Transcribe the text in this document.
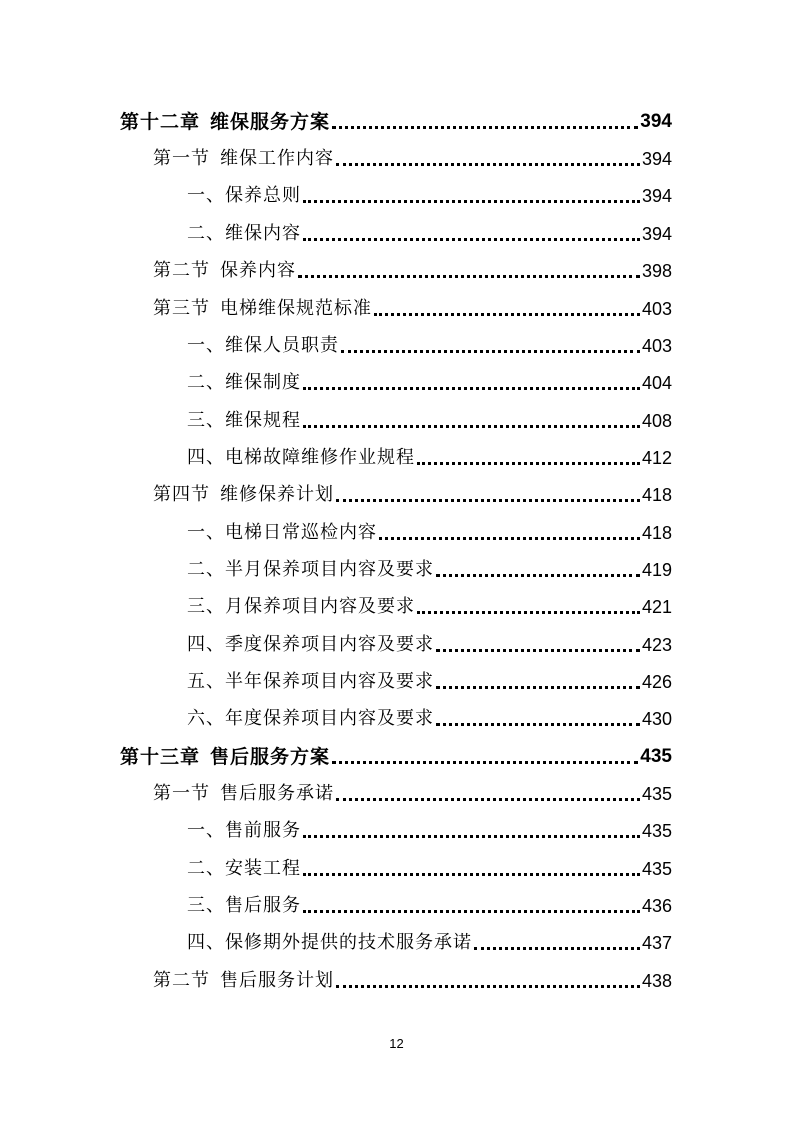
第十二章 维保服务方案	394
第一节 维保工作内容	394
一、保养总则	394
二、维保内容	394
第二节 保养内容	398
第三节 电梯维保规范标准	403
一、维保人员职责	403
二、维保制度	404
三、维保规程	408
四、电梯故障维修作业规程	412
第四节 维修保养计划	418
一、电梯日常巡检内容	418
二、半月保养项目内容及要求	419
三、月保养项目内容及要求	421
四、季度保养项目内容及要求	423
五、半年保养项目内容及要求	426
六、年度保养项目内容及要求	430
第十三章 售后服务方案	435
第一节 售后服务承诺	435
一、售前服务	435
二、安装工程	435
三、售后服务	436
四、保修期外提供的技术服务承诺	437
第二节 售后服务计划	438
12
